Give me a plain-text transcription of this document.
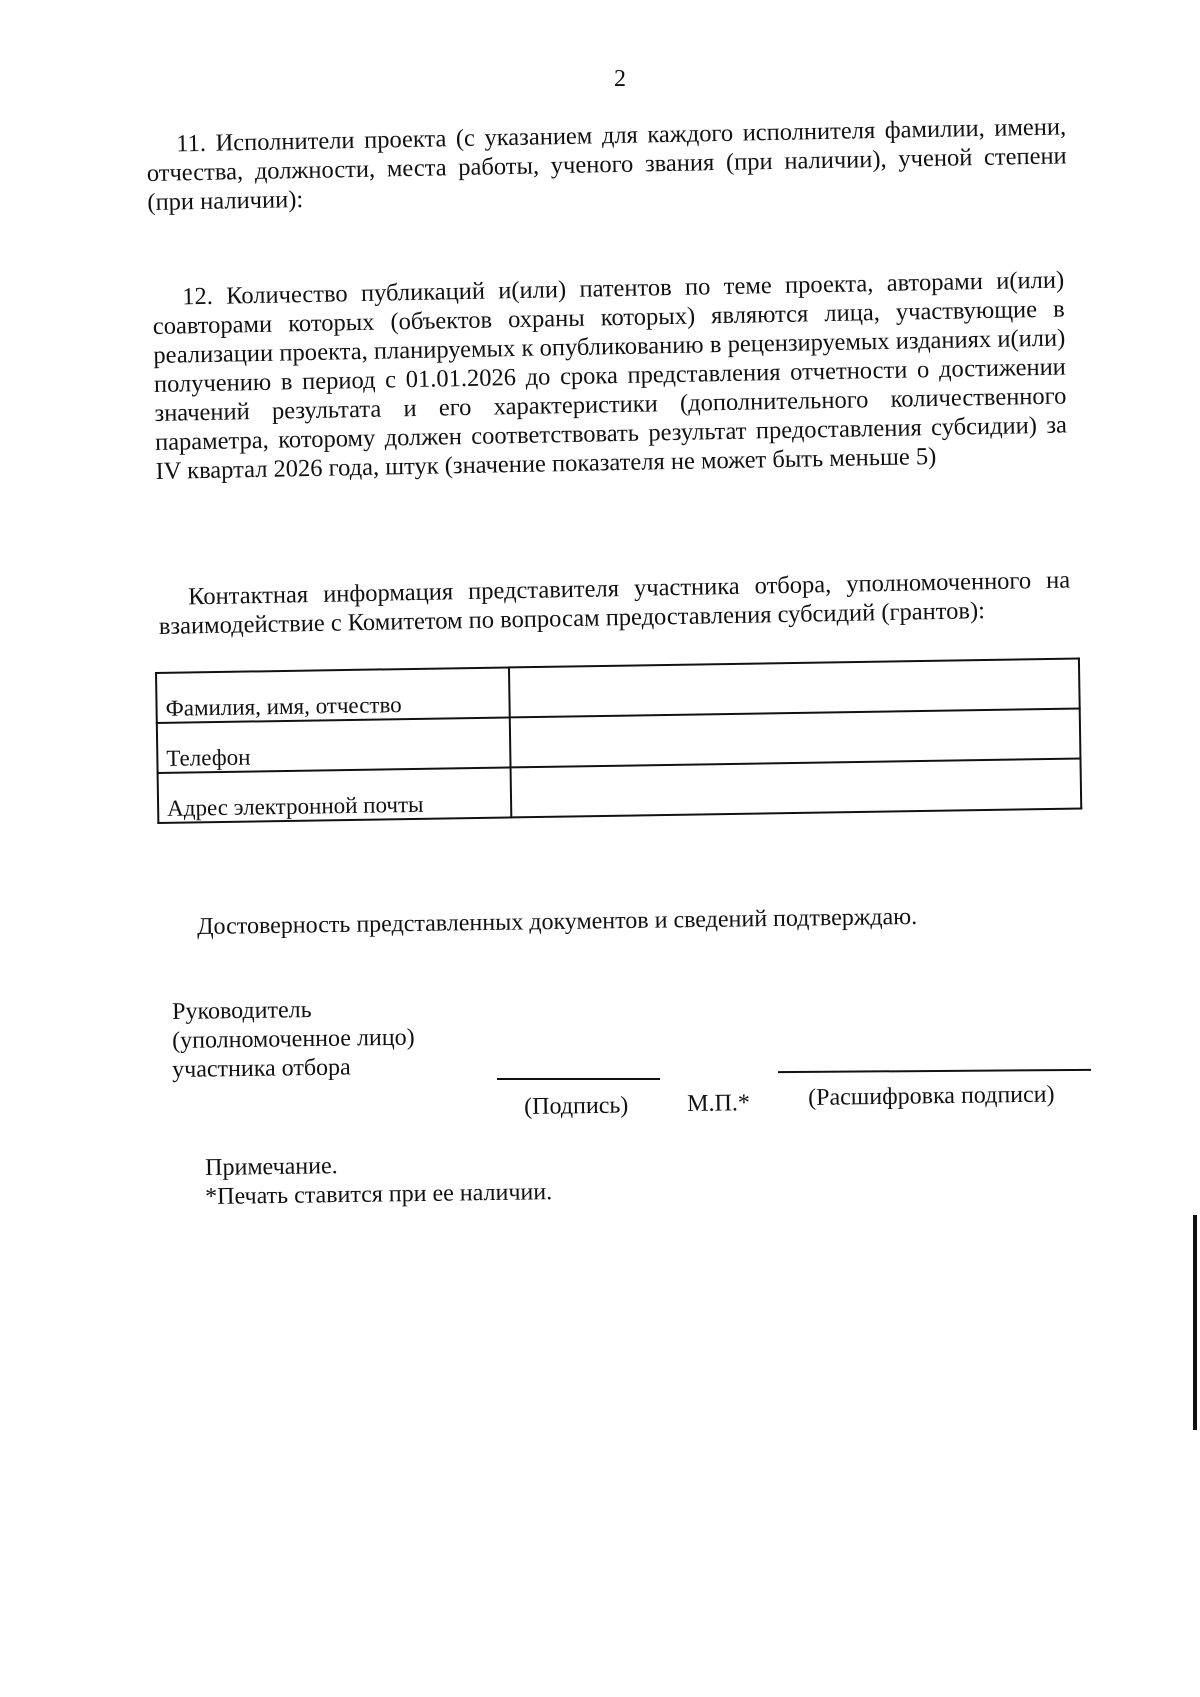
2

11. Исполнители проекта (с указанием для каждого исполнителя фамилии, имени, отчества, должности, места работы, ученого звания (при наличии), ученой степени (при наличии):

12. Количество публикаций и(или) патентов по теме проекта, авторами и(или) соавторами которых (объектов охраны которых) являются лица, участвующие в реализации проекта, планируемых к опубликованию в рецензируемых изданиях и(или) получению в период с 01.01.2026 до срока представления отчетности о достижении значений результата и его характеристики (дополнительного количественного параметра, которому должен соответствовать результат предоставления субсидии) за IV квартал 2026 года, штук (значение показателя не может быть меньше 5)

Контактная информация представителя участника отбора, уполномоченного на взаимодействие с Комитетом по вопросам предоставления субсидий (грантов):

Фамилия, имя, отчество	
Телефон	
Адрес электронной почты	
Достоверность представленных документов и сведений подтверждаю.
Руководитель
(уполномоченное лицо)
участника отбора
(Подпись) М.П.* (Расшифровка подписи)
Примечание.
*Печать ставится при ее наличии.
